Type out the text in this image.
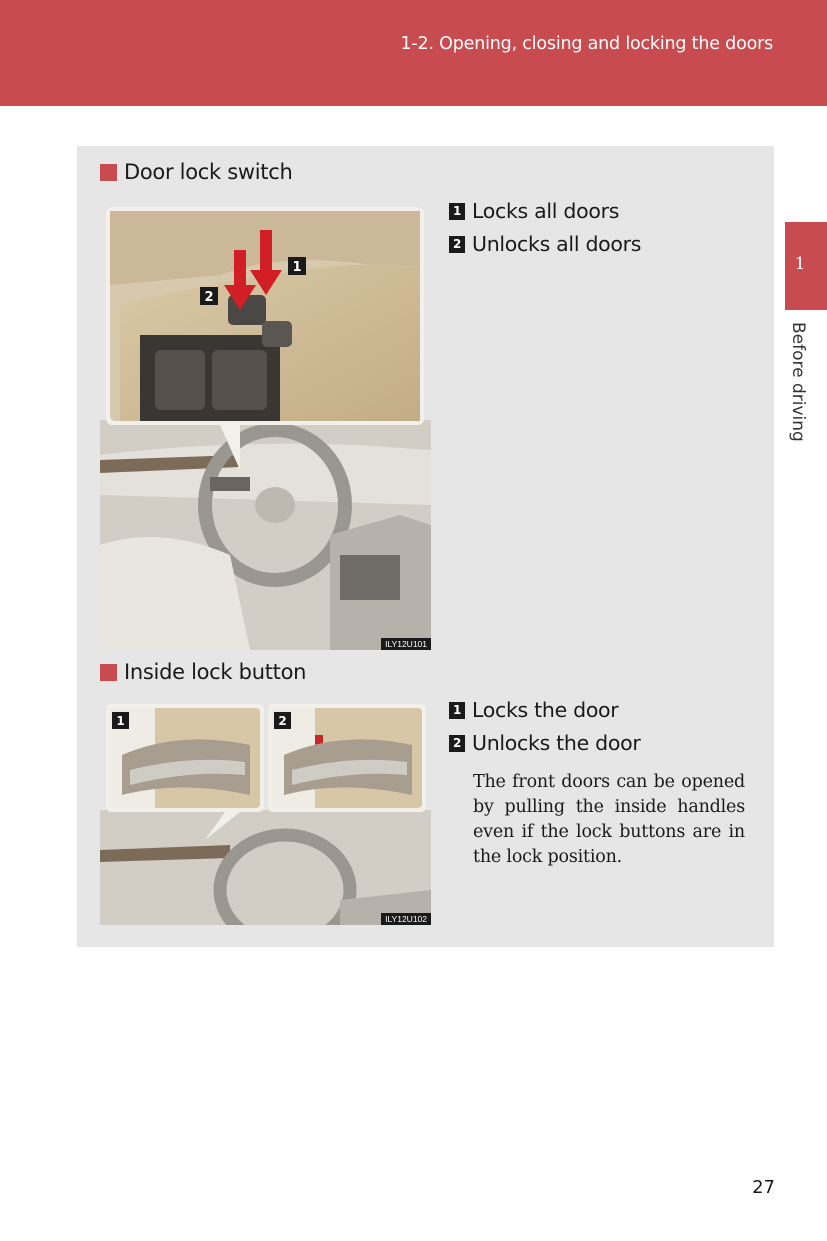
1-2. Opening, closing and locking the doors
1
Before driving
Door lock switch
1
2
ILY12U101
1 Locks all doors
2 Unlocks all doors
Inside lock button
1	2
ILY12U102
1 Locks the door
2 Unlocks the door
The front doors can be opened by pulling the inside handles even if the lock buttons are in the lock position.
27
